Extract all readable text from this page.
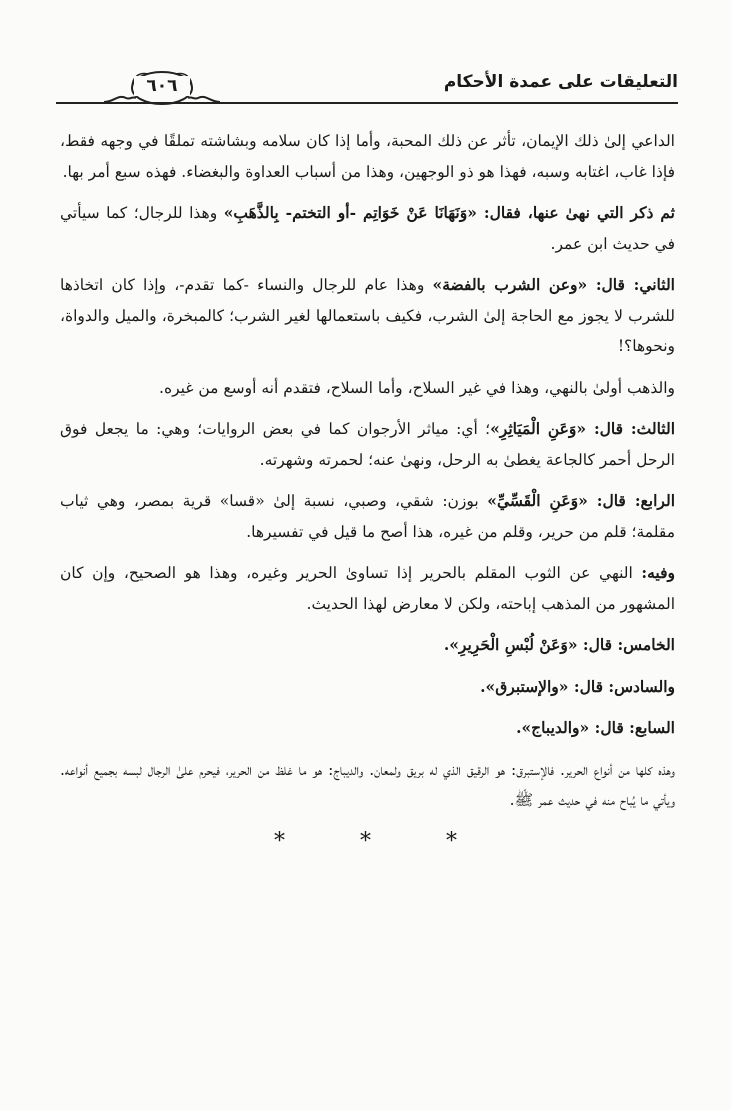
التعليقات على عمدة الأحكام
٦٠٦

الداعي إلىٰ ذلك الإيمان، تأثر عن ذلك المحبة، وأما إذا كان سلامه وبشاشته تملقًا في وجهه فقط، فإذا غاب، اغتابه وسبه، فهذا هو ذو الوجهين، وهذا من أسباب العداوة والبغضاء. فهذه سبع أمر بها.

ثم ذكر التي نهىٰ عنها، فقال: «وَنَهَانَا عَنْ خَوَاتِم -أو التختم- بِالذَّهَبِ» وهذا للرجال؛ كما سيأتي في حديث ابن عمر.

الثاني: قال: «وعن الشرب بالفضة» وهذا عام للرجال والنساء -كما تقدم-، وإذا كان اتخاذها للشرب لا يجوز مع الحاجة إلىٰ الشرب، فكيف باستعمالها لغير الشرب؛ كالمبخرة، والميل والدواة، ونحوها؟!

والذهب أولىٰ بالنهي، وهذا في غير السلاح، وأما السلاح، فتقدم أنه أوسع من غيره.

الثالث: قال: «وَعَنِ الْمَيَاثِرِ»؛ أي: مياثر الأرجوان كما في بعض الروايات؛ وهي: ما يجعل فوق الرحل أحمر كالجاعة يغطىٰ به الرحل، ونهىٰ عنه؛ لحمرته وشهرته.

الرابع: قال: «وَعَنِ الْقَسِّيِّ» بوزن: شقي، وصبي، نسبة إلىٰ «قسا» قرية بمصر، وهي ثياب مقلمة؛ قلم من حرير، وقلم من غيره، هذا أصح ما قيل في تفسيرها.

وفيه: النهي عن الثوب المقلم بالحرير إذا تساوىٰ الحرير وغيره، وهذا هو الصحيح، وإن كان المشهور من المذهب إباحته، ولكن لا معارض لهذا الحديث.

الخامس: قال: «وَعَنْ لُبْسِ الْحَرِيرِ».

والسادس: قال: «والإستبرق».

السابع: قال: «والديباج».

وهذه كلها من أنواع الحرير. فالإستبرق: هو الرقيق الذي له بريق ولمعان. والديباج: هو ما غلظ من الحرير، فيحرم علىٰ الرجال لبسه بجميع أنواعه. ويأتي ما يُباح منه في حديث عمر ﷺ.

* * *
